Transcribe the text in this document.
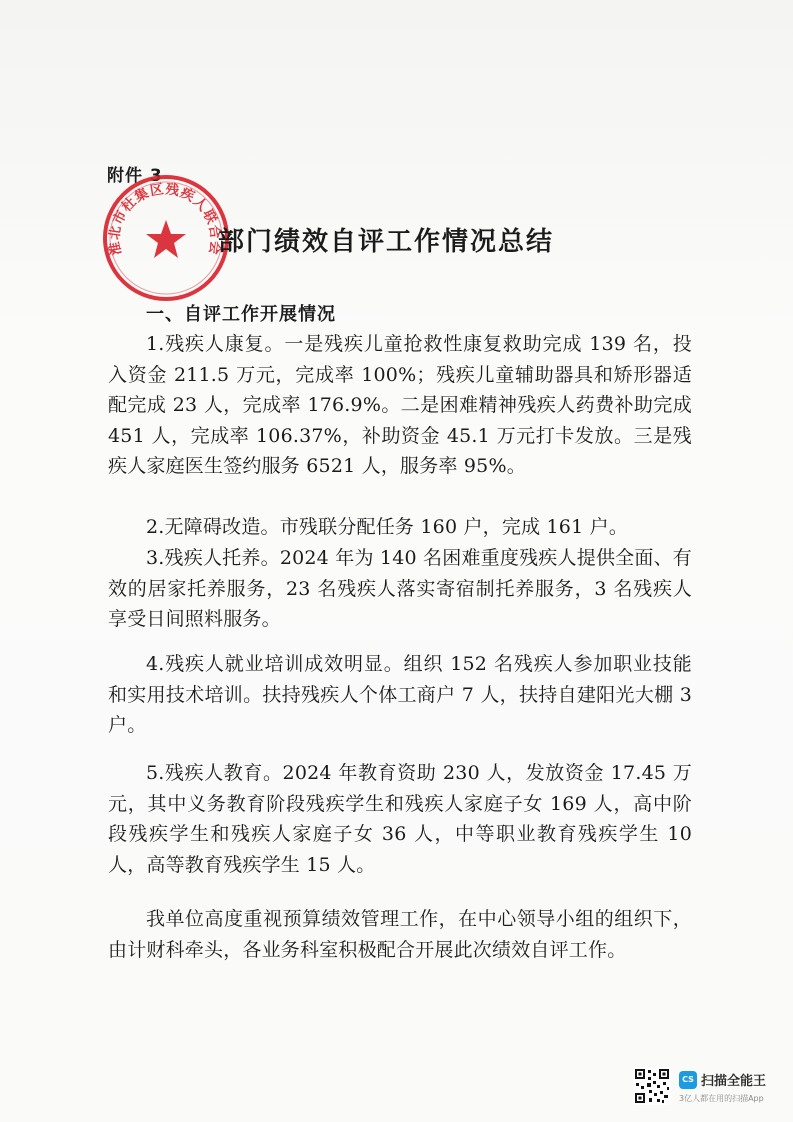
附件 3
淮北市杜集区残疾人联合会
部门绩效自评工作情况总结
一、自评工作开展情况

1.残疾人康复。一是残疾儿童抢救性康复救助完成 139 名，投入资金 211.5 万元，完成率 100%；残疾儿童辅助器具和矫形器适配完成 23 人，完成率 176.9%。二是困难精神残疾人药费补助完成 451 人，完成率 106.37%，补助资金 45.1 万元打卡发放。三是残疾人家庭医生签约服务 6521 人，服务率 95%。

2.无障碍改造。市残联分配任务 160 户，完成 161 户。

3.残疾人托养。2024 年为 140 名困难重度残疾人提供全面、有效的居家托养服务，23 名残疾人落实寄宿制托养服务，3 名残疾人享受日间照料服务。

4.残疾人就业培训成效明显。组织 152 名残疾人参加职业技能和实用技术培训。扶持残疾人个体工商户 7 人，扶持自建阳光大棚 3 户。

5.残疾人教育。2024 年教育资助 230 人，发放资金 17.45 万元，其中义务教育阶段残疾学生和残疾人家庭子女 169 人，高中阶段残疾学生和残疾人家庭子女 36 人，中等职业教育残疾学生 10 人，高等教育残疾学生 15 人。

我单位高度重视预算绩效管理工作，在中心领导小组的组织下，由计财科牵头，各业务科室积极配合开展此次绩效自评工作。

CS 扫描全能王
3亿人都在用的扫描App
